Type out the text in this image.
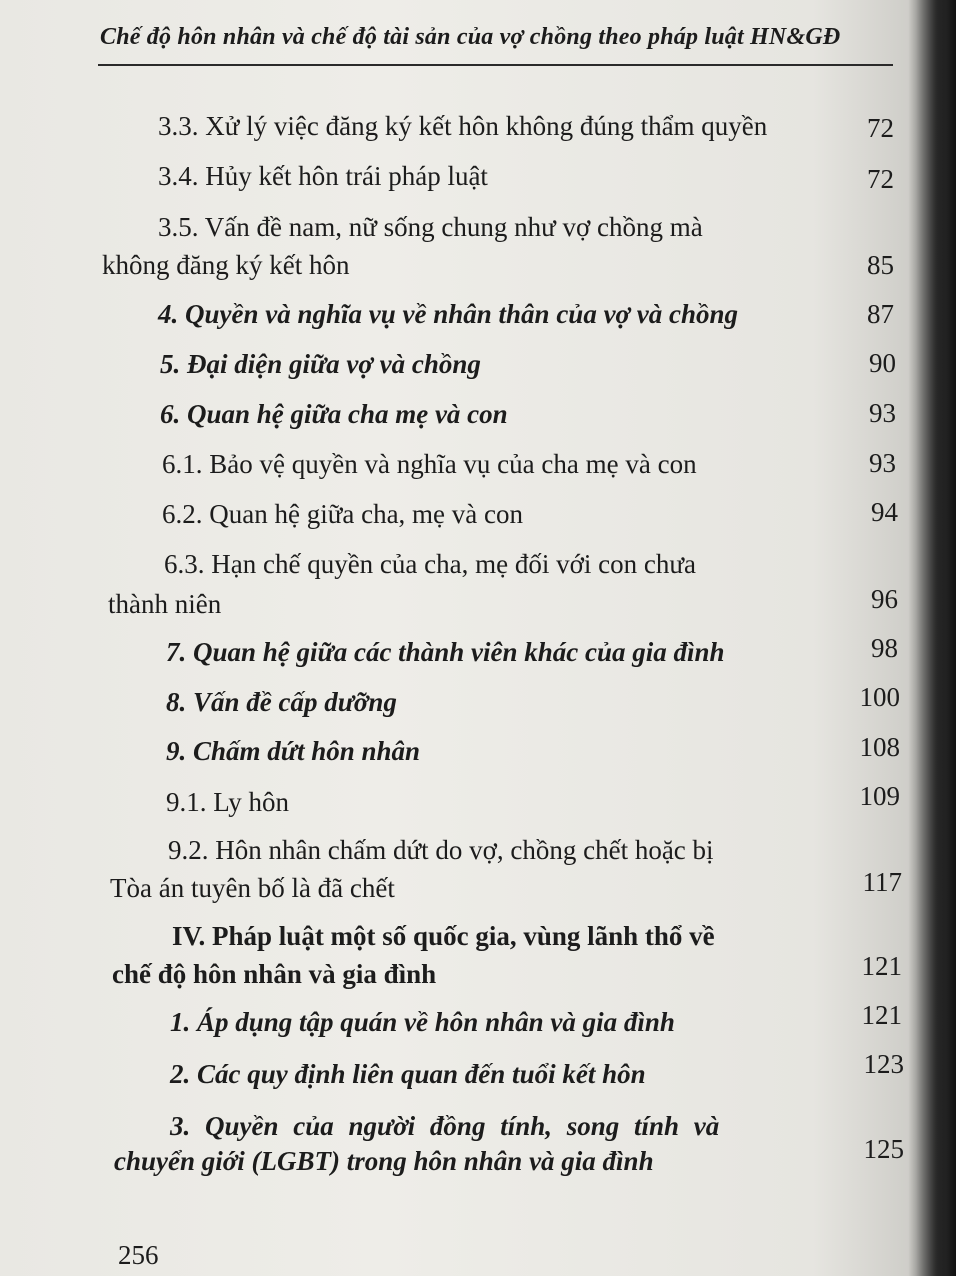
Chế độ hôn nhân và chế độ tài sản của vợ chồng theo pháp luật HN&GĐ
3.3. Xử lý việc đăng ký kết hôn không đúng thẩm quyền	72
3.4. Hủy kết hôn trái pháp luật	72
3.5. Vấn đề nam, nữ sống chung như vợ chồng mà
không đăng ký kết hôn	85
4. Quyền và nghĩa vụ về nhân thân của vợ và chồng	87
5. Đại diện giữa vợ và chồng	90
6. Quan hệ giữa cha mẹ và con	93
6.1. Bảo vệ quyền và nghĩa vụ của cha mẹ và con	93
6.2. Quan hệ giữa cha, mẹ và con	94
6.3. Hạn chế quyền của cha, mẹ đối với con chưa
thành niên	96
7. Quan hệ giữa các thành viên khác của gia đình	98
8. Vấn đề cấp dưỡng	100
9. Chấm dứt hôn nhân	108
9.1. Ly hôn	109
9.2. Hôn nhân chấm dứt do vợ, chồng chết hoặc bị
Tòa án tuyên bố là đã chết	117
IV. Pháp luật một số quốc gia, vùng lãnh thổ về
chế độ hôn nhân và gia đình	121
1. Áp dụng tập quán về hôn nhân và gia đình	121
2. Các quy định liên quan đến tuổi kết hôn	123
3. Quyền của người đồng tính, song tính và
chuyển giới (LGBT) trong hôn nhân và gia đình	125
256
